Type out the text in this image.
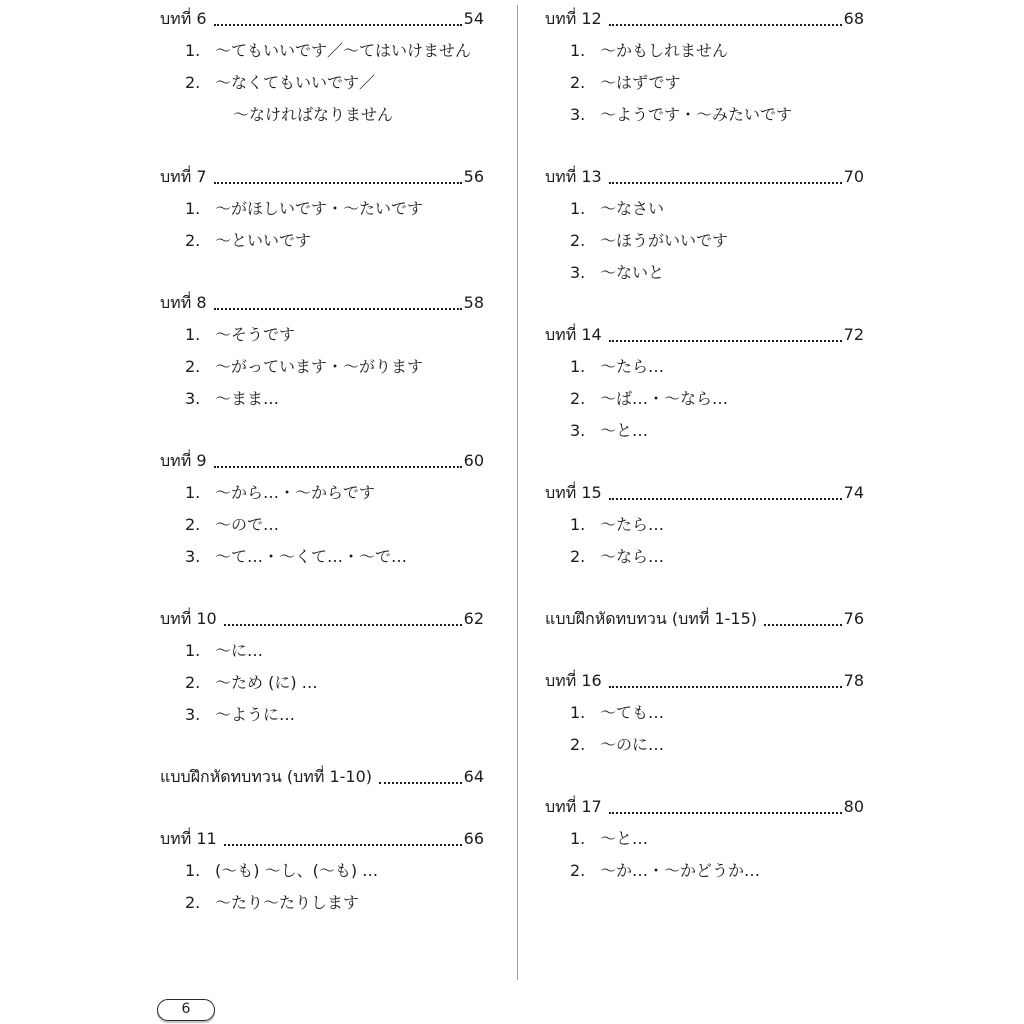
บทที่ 6	54
1. ～てもいいです／～てはいけません
2. ～なくてもいいです／
～なければなりません
บทที่ 7	56
1. ～がほしいです・～たいです
2. ～といいです
บทที่ 8	58
1. ～そうです
2. ～がっています・～がります
3. ～まま…
บทที่ 9	60
1. ～から…・～からです
2. ～ので…
3. ～て…・～くて…・～で…
บทที่ 10	62
1. ～に…
2. ～ため (に) …
3. ～ように…
แบบฝึกหัดทบทวน (บทที่ 1-10)	64
บทที่ 11	66
1. (～も) ～し、(～も) …
2. ～たり～たりします
บทที่ 12	68
1. ～かもしれません
2. ～はずです
3. ～ようです・～みたいです
บทที่ 13	70
1. ～なさい
2. ～ほうがいいです
3. ～ないと
บทที่ 14	72
1. ～たら…
2. ～ば…・～なら…
3. ～と…
บทที่ 15	74
1. ～たら…
2. ～なら…
แบบฝึกหัดทบทวน (บทที่ 1-15)	76
บทที่ 16	78
1. ～ても…
2. ～のに…
บทที่ 17	80
1. ～と…
2. ～か…・～かどうか…
6
